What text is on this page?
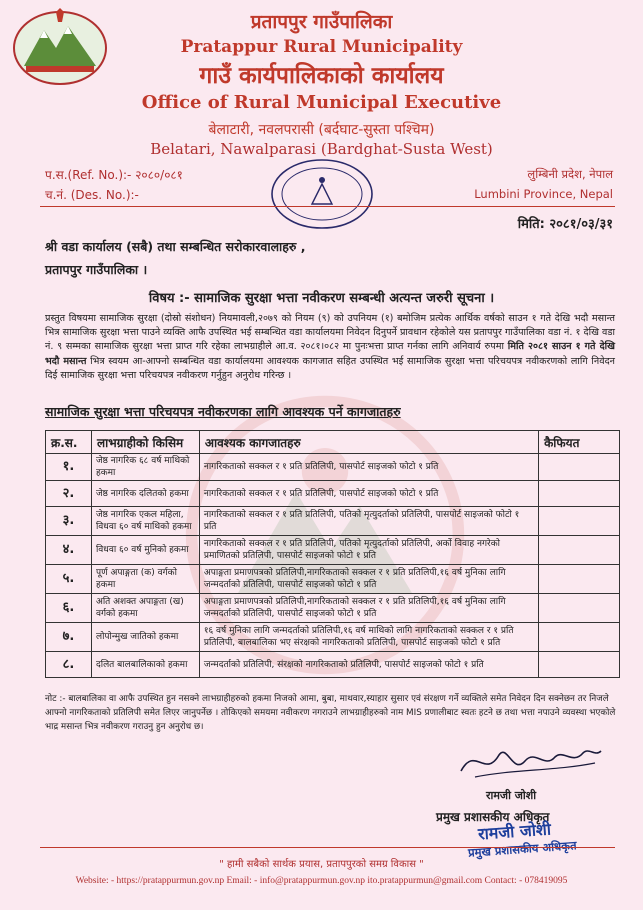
प्रतापपुर गाउँपालिका
Pratappur Rural Municipality
गाउँ कार्यपालिकाको कार्यालय
Office of Rural Municipal Executive
बेलाटारी, नवलपरासी (बर्दघाट-सुस्ता पश्चिम)
Belatari, Nawalparasi (Bardghat-Susta West)
प.स.(Ref. No.):- २०८०/०८१
च.नं. (Des. No.):-
लुम्बिनी प्रदेश, नेपाल
Lumbini Province, Nepal
मिति: २०८१/०३/३१
श्री वडा कार्यालय (सबै) तथा सम्बन्धित सरोकारवालाहरु ,
प्रतापपुर गाउँपालिका ।
विषय :- सामाजिक सुरक्षा भत्ता नवीकरण सम्बन्धी अत्यन्त जरुरी सूचना ।
प्रस्तुत विषयमा सामाजिक सुरक्षा (दोस्रो संशोधन) नियमावली,२०७९ को नियम (९) को उपनियम (१) बमोजिम प्रत्येक आर्थिक वर्षको साउन १ गते देखि भदौ मसान्त भित्र सामाजिक सुरक्षा भत्ता पाउने व्यक्ति आफै उपस्थित भई सम्बन्धित वडा कार्यालयमा निवेदन दिनुपर्ने प्रावधान रहेकोले यस प्रतापपुर गाउँपालिका वडा नं. १ देखि वडा नं. ९ सम्मका सामाजिक सुरक्षा भत्ता प्राप्त गरि रहेका लाभग्राहीले आ.व. २०८१।०८२ मा पुनःभत्ता प्राप्त गर्नका लागि अनिवार्य रुपमा मिति २०८१ साउन १ गते देखि भदौ मसान्त भित्र स्वयम आ-आफ्नो सम्बन्धित वडा कार्यालयमा आवश्यक कागजात सहित उपस्थित भई सामाजिक सुरक्षा भत्ता परिचयपत्र नवीकरणको लागि निवेदन दिई सामाजिक सुरक्षा भत्ता परिचयपत्र नवीकरण गर्नुहुन अनुरोध गरिन्छ ।
सामाजिक सुरक्षा भत्ता परिचयपत्र नवीकरणका लागि आवश्यक पर्ने कागजातहरु
क्र.स.	लाभग्राहीको किसिम	आवश्यक कागजातहरु	कैफियत
१.	जेष्ठ नागरिक ६८ वर्ष माथिको हकमा	नागरिकताको सक्कल र १ प्रति प्रतिलिपी, पासपोर्ट साइजको फोटो १ प्रति	
२.	जेष्ठ नागरिक दलितको हकमा	नागरिकताको सक्कल र १ प्रति प्रतिलिपी, पासपोर्ट साइजको फोटो १ प्रति	
३.	जेष्ठ नागरिक एकल महिला, विधवा ६० वर्ष माथिको हकमा	नागरिकताको सक्कल र १ प्रति प्रतिलिपी, पतिको मृत्युदर्ताको प्रतिलिपी, पासपोर्ट साइजको फोटो १ प्रति	
४.	विधवा ६० वर्ष मुनिको हकमा	नागरिकताको सक्कल र १ प्रति प्रतिलिपी, पतिको मृत्युदर्ताको प्रतिलिपी, अर्को विवाह नगरेको प्रमाणितको प्रतिलिपी, पासपोर्ट साइजको फोटो १ प्रति	
५.	पूर्ण अपाङ्गता (क) वर्गको हकमा	अपाङ्गता प्रमाणपत्रको प्रतिलिपी,नागरिकताको सक्कल र १ प्रति प्रतिलिपी,१६ वर्ष मुनिका लागि जन्मदर्ताको प्रतिलिपी, पासपोर्ट साइजको फोटो १ प्रति	
६.	अति अशक्त अपाङ्गता (ख) वर्गको हकमा	अपाङ्गता प्रमाणपत्रको प्रतिलिपी,नागरिकताको सक्कल र १ प्रति प्रतिलिपी,१६ वर्ष मुनिका लागि जन्मदर्ताको प्रतिलिपी, पासपोर्ट साइजको फोटो १ प्रति	
७.	लोपोन्मुख जातिको हकमा	१६ वर्ष मुनिका लागि जन्मदर्ताको प्रतिलिपी,१६ वर्ष माथिको लागि नागरिकताको सक्कल र १ प्रति प्रतिलिपी, बालबालिका भए संरक्षको नागरिकताको प्रतिलिपी, पासपोर्ट साइजको फोटो १ प्रति	
८.	दलित बालबालिकाको हकमा	जन्मदर्ताको प्रतिलिपी, संरक्षको नागरिकताको प्रतिलिपी, पासपोर्ट साइजको फोटो १ प्रति	
नोट :- बालबालिका वा आफै उपस्थित हुन नसक्ने लाभग्राहीहरुको हकमा निजको आमा, बुबा, माथवार,स्याहार सुसार एवं संरक्षण गर्ने व्यक्तिले समेत निवेदन दिन सक्नेछन तर निजले आफ्नो नागरिकताको प्रतिलिपी समेत लिएर जानुपर्नेछ । तोकिएको समयमा नवीकरण नगराउने लाभग्राहीहरुको नाम MIS प्रणालीबाट स्वतः हटने छ तथा भत्ता नपाउने व्यवस्था भएकोले भाद्र मसान्त भित्र नवीकरण गराउनु हुन अनुरोध छ।
रामजी जोशी
प्रमुख प्रशासकीय अधिकृत
रामजी जोशी
प्रमुख प्रशासकीय अधिकृत
" हामी सबैको सार्थक प्रयास, प्रतापपुरको समग्र विकास "
Website: - https://pratappurmun.gov.np Email: - info@pratappurmun.gov.np ito.pratappurmun@gmail.com Contact: - 078419095
